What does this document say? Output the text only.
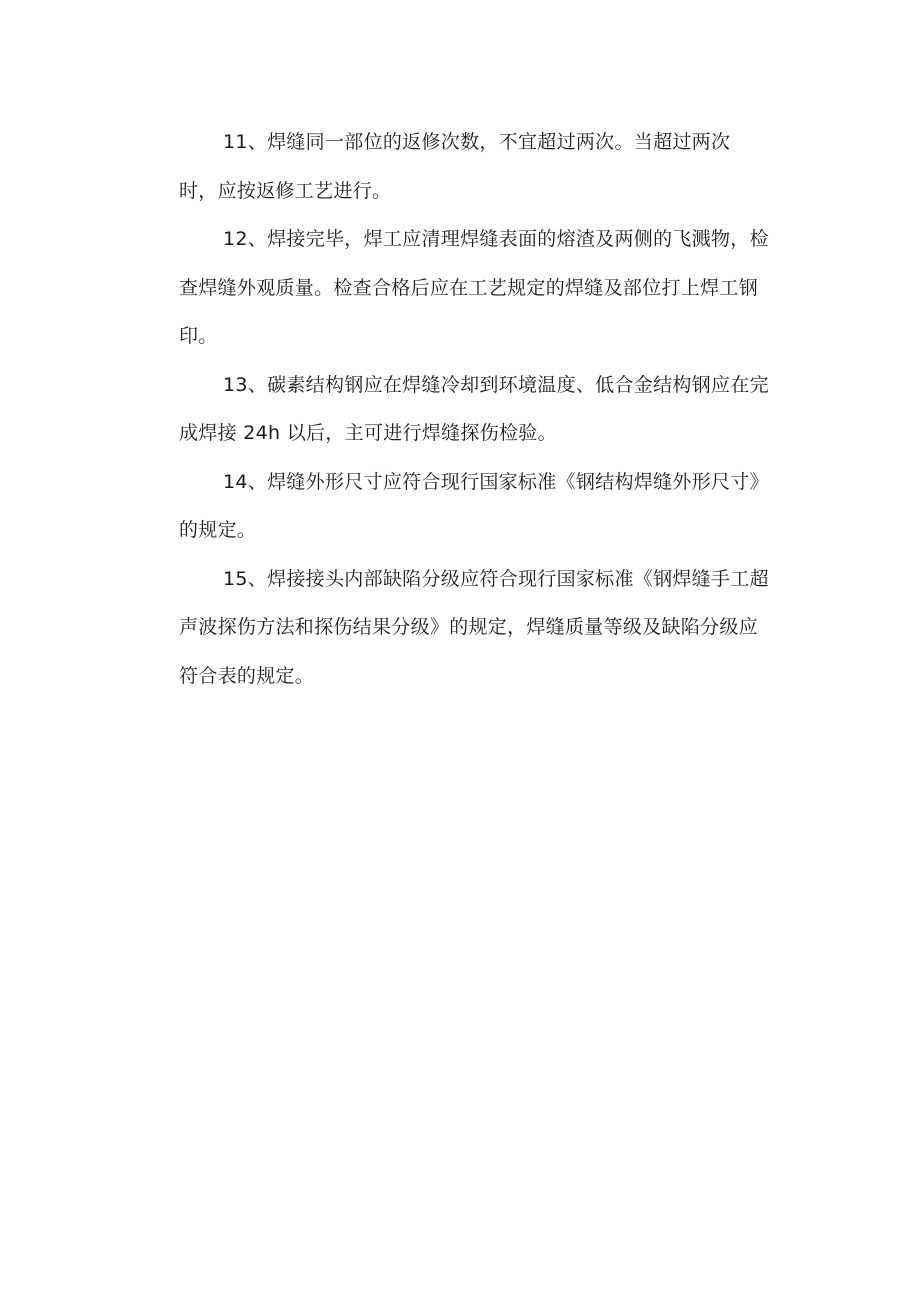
11、焊缝同一部位的返修次数，不宜超过两次。当超过两次
时，应按返修工艺进行。
12、焊接完毕，焊工应清理焊缝表面的熔渣及两侧的飞溅物，检
查焊缝外观质量。检查合格后应在工艺规定的焊缝及部位打上焊工钢
印。
13、碳素结构钢应在焊缝冷却到环境温度、低合金结构钢应在完
成焊接 24h 以后，主可进行焊缝探伤检验。
14、焊缝外形尺寸应符合现行国家标准《钢结构焊缝外形尺寸》
的规定。
15、焊接接头内部缺陷分级应符合现行国家标准《钢焊缝手工超
声波探伤方法和探伤结果分级》的规定，焊缝质量等级及缺陷分级应
符合表的规定。
